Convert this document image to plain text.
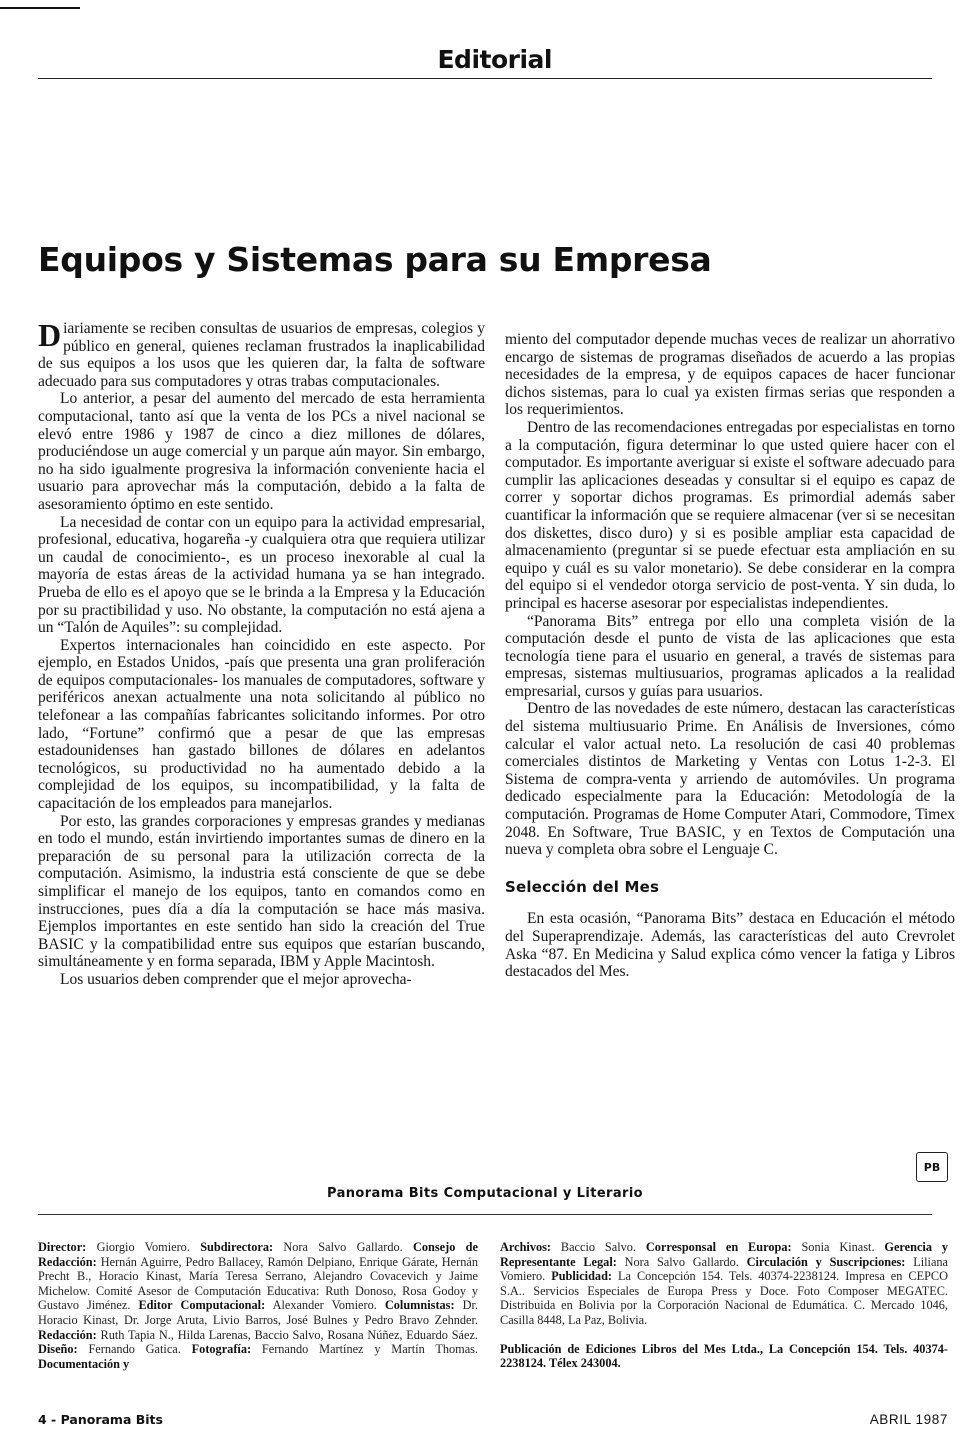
Editorial
Equipos y Sistemas para su Empresa

Diariamente se reciben consultas de usuarios de empresas, colegios y público en general, quienes reclaman frustrados la inaplicabilidad de sus equipos a los usos que les quieren dar, la falta de software adecuado para sus computadores y otras trabas computacionales.

Lo anterior, a pesar del aumento del mercado de esta herramienta computacional, tanto así que la venta de los PCs a nivel nacional se elevó entre 1986 y 1987 de cinco a diez millones de dólares, produciéndose un auge comercial y un parque aún mayor. Sin embargo, no ha sido igualmente progresiva la información conveniente hacia el usuario para aprovechar más la computación, debido a la falta de asesoramiento óptimo en este sentido.

La necesidad de contar con un equipo para la actividad empresarial, profesional, educativa, hogareña -y cualquiera otra que requiera utilizar un caudal de conocimiento-, es un proceso inexorable al cual la mayoría de estas áreas de la actividad humana ya se han integrado. Prueba de ello es el apoyo que se le brinda a la Empresa y la Educación por su practibilidad y uso. No obstante, la computación no está ajena a un “Talón de Aquiles”: su complejidad.

Expertos internacionales han coincidido en este aspecto. Por ejemplo, en Estados Unidos, -país que presenta una gran proliferación de equipos computacionales- los manuales de computadores, software y periféricos anexan actualmente una nota solicitando al público no telefonear a las compañías fabricantes solicitando informes. Por otro lado, “Fortune” confirmó que a pesar de que las empresas estadounidenses han gastado billones de dólares en adelantos tecnológicos, su productividad no ha aumentado debido a la complejidad de los equipos, su incompatibilidad, y la falta de capacitación de los empleados para manejarlos.

Por esto, las grandes corporaciones y empresas grandes y medianas en todo el mundo, están invirtiendo importantes sumas de dinero en la preparación de su personal para la utilización correcta de la computación. Asimismo, la industria está consciente de que se debe simplificar el manejo de los equipos, tanto en comandos como en instrucciones, pues día a día la computación se hace más masiva. Ejemplos importantes en este sentido han sido la creación del True BASIC y la compatibilidad entre sus equipos que estarían buscando, simultáneamente y en forma separada, IBM y Apple Macintosh.

Los usuarios deben comprender que el mejor aprovecha-

miento del computador depende muchas veces de realizar un ahorrativo encargo de sistemas de programas diseñados de acuerdo a las propias necesidades de la empresa, y de equipos capaces de hacer funcionar dichos sistemas, para lo cual ya existen firmas serias que responden a los requerimientos.

Dentro de las recomendaciones entregadas por especialistas en torno a la computación, figura determinar lo que usted quiere hacer con el computador. Es importante averiguar si existe el software adecuado para cumplir las aplicaciones deseadas y consultar si el equipo es capaz de correr y soportar dichos programas. Es primordial además saber cuantificar la información que se requiere almacenar (ver si se necesitan dos diskettes, disco duro) y si es posible ampliar esta capacidad de almacenamiento (preguntar si se puede efectuar esta ampliación en su equipo y cuál es su valor monetario). Se debe considerar en la compra del equipo si el vendedor otorga servicio de post-venta. Y sin duda, lo principal es hacerse asesorar por especialistas independientes.

“Panorama Bits” entrega por ello una completa visión de la computación desde el punto de vista de las aplicaciones que esta tecnología tiene para el usuario en general, a través de sistemas para empresas, sistemas multiusuarios, programas aplicados a la realidad empresarial, cursos y guías para usuarios.

Dentro de las novedades de este número, destacan las características del sistema multiusuario Prime. En Análisis de Inversiones, cómo calcular el valor actual neto. La resolución de casi 40 problemas comerciales distintos de Marketing y Ventas con Lotus 1-2-3. El Sistema de compra-venta y arriendo de automóviles. Un programa dedicado especialmente para la Educación: Metodología de la computación. Programas de Home Computer Atari, Commodore, Timex 2048. En Software, True BASIC, y en Textos de Computación una nueva y completa obra sobre el Lenguaje C.

Selección del Mes

En esta ocasión, “Panorama Bits” destaca en Educación el método del Superaprendizaje. Además, las características del auto Crevrolet Aska “87. En Medicina y Salud explica cómo vencer la fatiga y Libros destacados del Mes.

PB
Panorama Bits Computacional y Literario

Director: Giorgio Vomiero. Subdirectora: Nora Salvo Gallardo. Consejo de Redacción: Hernán Aguirre, Pedro Ballacey, Ramón Delpiano, Enrique Gárate, Hernán Precht B., Horacio Kinast, María Teresa Serrano, Alejandro Covacevich y Jaime Michelow. Comité Asesor de Computación Educativa: Ruth Donoso, Rosa Godoy y Gustavo Jiménez. Editor Computacional: Alexander Vomiero. Columnistas: Dr. Horacio Kinast, Dr. Jorge Aruta, Livio Barros, José Bulnes y Pedro Bravo Zehnder. Redacción: Ruth Tapia N., Hilda Larenas, Baccio Salvo, Rosana Núñez, Eduardo Sáez. Diseño: Fernando Gatica. Fotografía: Fernando Martínez y Martín Thomas. Documentación y

Archivos: Baccio Salvo. Corresponsal en Europa: Sonia Kinast. Gerencia y Representante Legal: Nora Salvo Gallardo. Circulación y Suscripciones: Liliana Vomiero. Publicidad: La Concepción 154. Tels. 40374-2238124. Impresa en CEPCO S.A.. Servicios Especiales de Europa Press y Doce. Foto Composer MEGATEC. Distribuida en Bolivia por la Corporación Nacional de Edumática. C. Mercado 1046, Casilla 8448, La Paz, Bolivia.

Publicación de Ediciones Libros del Mes Ltda., La Concepción 154. Tels. 40374-2238124. Télex 243004.

4 - Panorama Bits	ABRIL 1987
